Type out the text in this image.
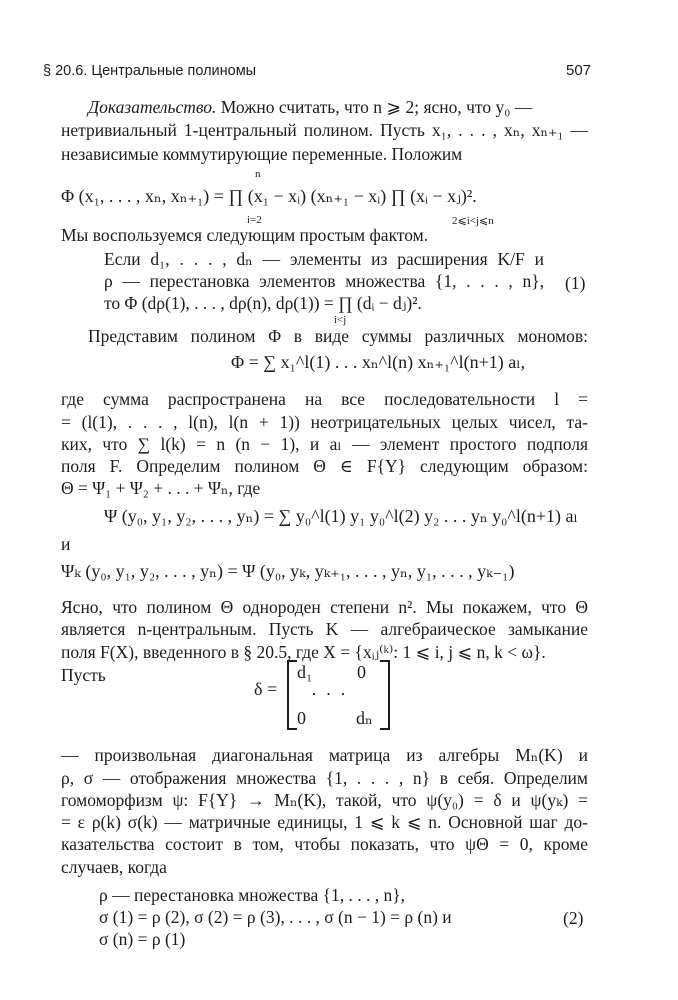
§ 20.6. Центральные полиномы	507
Доказательство. Можно считать, что n ⩾ 2; ясно, что y₀ —
нетривиальный 1-центральный полином. Пусть x₁, . . . , xₙ, xₙ₊₁ —
независимые коммутирующие переменные. Положим
Φ (x₁, . . . , xₙ, xₙ₊₁) = ∏ (x₁ − xᵢ) (xₙ₊₁ − xᵢ) ∏ (xᵢ − xⱼ)².
n
i=2	2⩽i<j⩽n
Мы воспользуемся следующим простым фактом.
Если d₁, . . . , dₙ — элементы из расширения K/F и
ρ — перестановка элементов множества {1, . . . , n},
то Φ (dρ(1), . . . , dρ(n), dρ(1)) = ∏ (dᵢ − dⱼ)².
i<j
(1)
Представим полином Φ в виде суммы различных мономов:
Φ = ∑ x₁^l(1) . . . xₙ^l(n) xₙ₊₁^l(n+1) aₗ,
где сумма распространена на все последовательности l =
= (l(1), . . . , l(n), l(n + 1)) неотрицательных целых чисел, та-
ких, что ∑ l(k) = n (n − 1), и aₗ — элемент простого подполя
поля F. Определим полином Θ ∈ F{Y} следующим образом:
Θ = Ψ₁ + Ψ₂ + . . . + Ψₙ, где
Ψ (y₀, y₁, y₂, . . . , yₙ) = ∑ y₀^l(1) y₁ y₀^l(2) y₂ . . . yₙ y₀^l(n+1) aₗ
и
Ψₖ (y₀, y₁, y₂, . . . , yₙ) = Ψ (y₀, yₖ, yₖ₊₁, . . . , yₙ, y₁, . . . , yₖ₋₁)
Ясно, что полином Θ однороден степени n². Мы покажем, что Θ
является n-центральным. Пусть K — алгебраическое замыкание
поля F(X), введенного в § 20.5, где X = {xᵢⱼ⁽ᵏ⁾: 1 ⩽ i, j ⩽ n, k < ω}.
Пусть
δ =
d₁ 0
· · ·
0	dₙ
— произвольная диагональная матрица из алгебры Mₙ(K) и
ρ, σ — отображения множества {1, . . . , n} в себя. Определим
гомоморфизм ψ: F{Y} → Mₙ(K), такой, что ψ(y₀) = δ и ψ(yₖ) =
= ε ρ(k) σ(k) — матричные единицы, 1 ⩽ k ⩽ n. Основной шаг до-
казательства состоит в том, чтобы показать, что ψΘ = 0, кроме
случаев, когда
ρ — перестановка множества {1, . . . , n},
σ (1) = ρ (2), σ (2) = ρ (3), . . . , σ (n − 1) = ρ (n) и
σ (n) = ρ (1)
(2)
